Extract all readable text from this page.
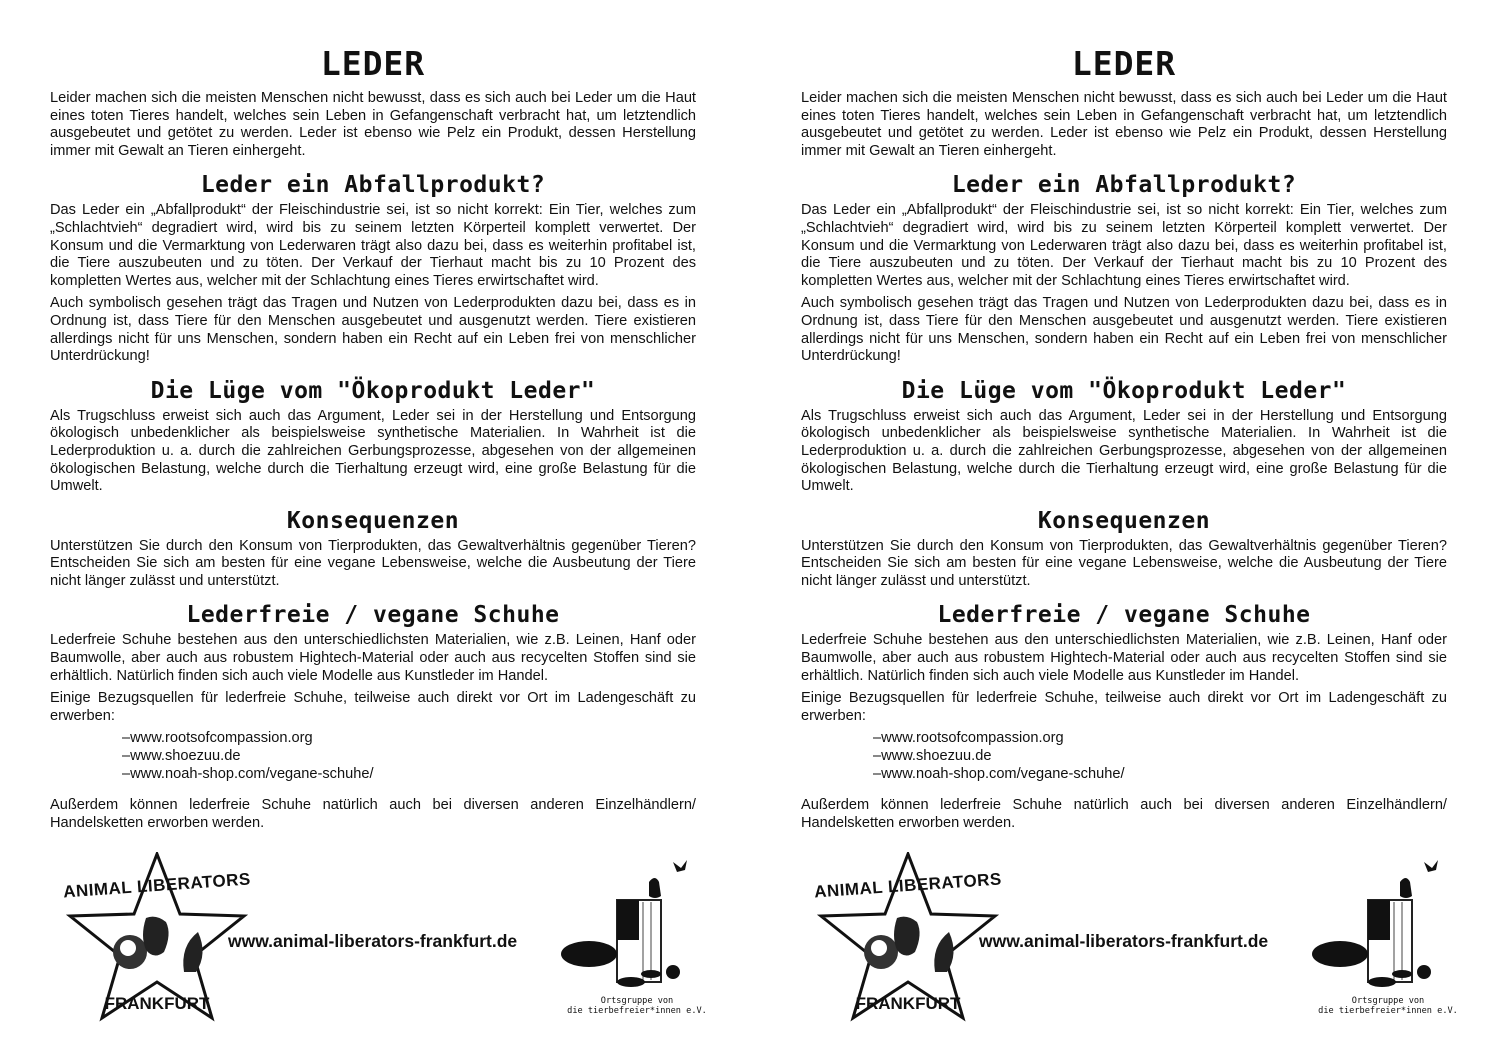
LEDER

Leider machen sich die meisten Menschen nicht bewusst, dass es sich auch bei Leder um die Haut eines toten Tieres handelt, welches sein Leben in Gefangenschaft verbracht hat, um letztendlich ausgebeutet und getötet zu werden. Leder ist ebenso wie Pelz ein Produkt, dessen Herstellung immer mit Gewalt an Tieren einhergeht.

Leder ein Abfallprodukt?

Das Leder ein „Abfallprodukt“ der Fleischindustrie sei, ist so nicht korrekt: Ein Tier, welches zum „Schlachtvieh“ degradiert wird, wird bis zu seinem letzten Körperteil komplett verwertet. Der Konsum und die Vermarktung von Lederwaren trägt also dazu bei, dass es weiterhin profitabel ist, die Tiere auszubeuten und zu töten. Der Verkauf der Tierhaut macht bis zu 10 Prozent des kompletten Wertes aus, welcher mit der Schlachtung eines Tieres erwirtschaftet wird.

Auch symbolisch gesehen trägt das Tragen und Nutzen von Lederprodukten dazu bei, dass es in Ordnung ist, dass Tiere für den Menschen ausgebeutet und ausgenutzt werden. Tiere existieren allerdings nicht für uns Menschen, sondern haben ein Recht auf ein Leben frei von menschlicher Unterdrückung!

Die Lüge vom "Ökoprodukt Leder"

Als Trugschluss erweist sich auch das Argument, Leder sei in der Herstellung und Entsorgung ökologisch unbedenklicher als beispielsweise synthetische Materialien. In Wahrheit ist die Lederproduktion u. a. durch die zahlreichen Gerbungsprozesse, abgesehen von der allgemeinen ökologischen Belastung, welche durch die Tierhaltung erzeugt wird, eine große Belastung für die Umwelt.

Konsequenzen

Unterstützen Sie durch den Konsum von Tierprodukten, das Gewaltverhältnis gegenüber Tieren? Entscheiden Sie sich am besten für eine vegane Lebensweise, welche die Ausbeutung der Tiere nicht länger zulässt und unterstützt.

Lederfreie / vegane Schuhe

Lederfreie Schuhe bestehen aus den unterschiedlichsten Materialien, wie z.B. Leinen, Hanf oder Baumwolle, aber auch aus robustem Hightech-Material oder auch aus recycelten Stoffen sind sie erhältlich. Natürlich finden sich auch viele Modelle aus Kunstleder im Handel.

Einige Bezugsquellen für lederfreie Schuhe, teilweise auch direkt vor Ort im Ladengeschäft zu erwerben:

– www.rootsofcompassion.org
– www.shoezuu.de
– www.noah-shop.com/vegane-schuhe/

Außerdem können lederfreie Schuhe natürlich auch bei diversen anderen Einzelhändlern/ Handelsketten erworben werden.

ANIMAL LIBERATORS
FRANKFURT
www.animal-liberators-frankfurt.de
Ortsgruppe von
die tierbefreier*innen e.V.
LEDER

Leider machen sich die meisten Menschen nicht bewusst, dass es sich auch bei Leder um die Haut eines toten Tieres handelt, welches sein Leben in Gefangenschaft verbracht hat, um letztendlich ausgebeutet und getötet zu werden. Leder ist ebenso wie Pelz ein Produkt, dessen Herstellung immer mit Gewalt an Tieren einhergeht.

Leder ein Abfallprodukt?

Das Leder ein „Abfallprodukt“ der Fleischindustrie sei, ist so nicht korrekt: Ein Tier, welches zum „Schlachtvieh“ degradiert wird, wird bis zu seinem letzten Körperteil komplett verwertet. Der Konsum und die Vermarktung von Lederwaren trägt also dazu bei, dass es weiterhin profitabel ist, die Tiere auszubeuten und zu töten. Der Verkauf der Tierhaut macht bis zu 10 Prozent des kompletten Wertes aus, welcher mit der Schlachtung eines Tieres erwirtschaftet wird.

Auch symbolisch gesehen trägt das Tragen und Nutzen von Lederprodukten dazu bei, dass es in Ordnung ist, dass Tiere für den Menschen ausgebeutet und ausgenutzt werden. Tiere existieren allerdings nicht für uns Menschen, sondern haben ein Recht auf ein Leben frei von menschlicher Unterdrückung!

Die Lüge vom "Ökoprodukt Leder"

Als Trugschluss erweist sich auch das Argument, Leder sei in der Herstellung und Entsorgung ökologisch unbedenklicher als beispielsweise synthetische Materialien. In Wahrheit ist die Lederproduktion u. a. durch die zahlreichen Gerbungsprozesse, abgesehen von der allgemeinen ökologischen Belastung, welche durch die Tierhaltung erzeugt wird, eine große Belastung für die Umwelt.

Konsequenzen

Unterstützen Sie durch den Konsum von Tierprodukten, das Gewaltverhältnis gegenüber Tieren? Entscheiden Sie sich am besten für eine vegane Lebensweise, welche die Ausbeutung der Tiere nicht länger zulässt und unterstützt.

Lederfreie / vegane Schuhe

Lederfreie Schuhe bestehen aus den unterschiedlichsten Materialien, wie z.B. Leinen, Hanf oder Baumwolle, aber auch aus robustem Hightech-Material oder auch aus recycelten Stoffen sind sie erhältlich. Natürlich finden sich auch viele Modelle aus Kunstleder im Handel.

Einige Bezugsquellen für lederfreie Schuhe, teilweise auch direkt vor Ort im Ladengeschäft zu erwerben:

– www.rootsofcompassion.org
– www.shoezuu.de
– www.noah-shop.com/vegane-schuhe/

Außerdem können lederfreie Schuhe natürlich auch bei diversen anderen Einzelhändlern/ Handelsketten erworben werden.

ANIMAL LIBERATORS
FRANKFURT
www.animal-liberators-frankfurt.de
Ortsgruppe von
die tierbefreier*innen e.V.
